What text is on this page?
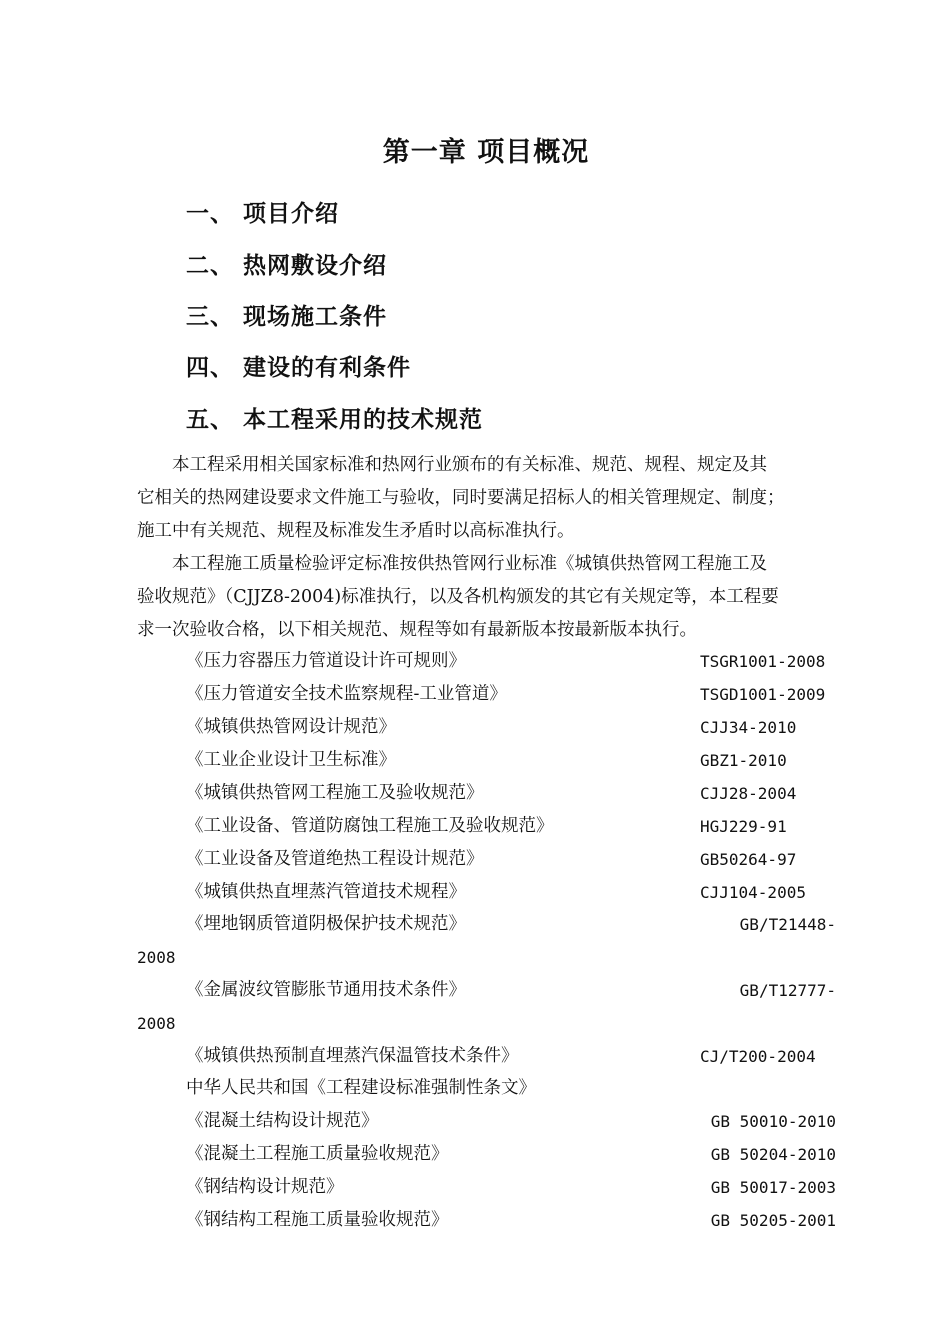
第一章 项目概况
一、 项目介绍
二、 热网敷设介绍
三、 现场施工条件
四、 建设的有利条件
五、 本工程采用的技术规范
　　本工程采用相关国家标准和热网行业颁布的有关标准、规范、规程、规定及其
它相关的热网建设要求文件施工与验收，同时要满足招标人的相关管理规定、制度；
施工中有关规范、规程及标准发生矛盾时以高标准执行。
　　本工程施工质量检验评定标准按供热管网行业标准《城镇供热管网工程施工及
验收规范》（CJJZ8-2004)标准执行，以及各机构颁发的其它有关规定等，本工程要
求一次验收合格，以下相关规范、规程等如有最新版本按最新版本执行。
《压力容器压力管道设计许可规则》	TSGR1001-2008
《压力管道安全技术监察规程-工业管道》	TSGD1001-2009
《城镇供热管网设计规范》	CJJ34-2010
《工业企业设计卫生标准》	GBZ1-2010
《城镇供热管网工程施工及验收规范》	CJJ28-2004
《工业设备、管道防腐蚀工程施工及验收规范》	HGJ229-91
《工业设备及管道绝热工程设计规范》	GB50264-97
《城镇供热直埋蒸汽管道技术规程》	CJJ104-2005
《埋地钢质管道阴极保护技术规范》	GB/T21448-
2008
《金属波纹管膨胀节通用技术条件》	GB/T12777-
2008
《城镇供热预制直埋蒸汽保温管技术条件》	CJ/T200-2004
中华人民共和国《工程建设标准强制性条文》
《混凝土结构设计规范》	GB 50010-2010
《混凝土工程施工质量验收规范》	GB 50204-2010
《钢结构设计规范》	GB 50017-2003
《钢结构工程施工质量验收规范》	GB 50205-2001
